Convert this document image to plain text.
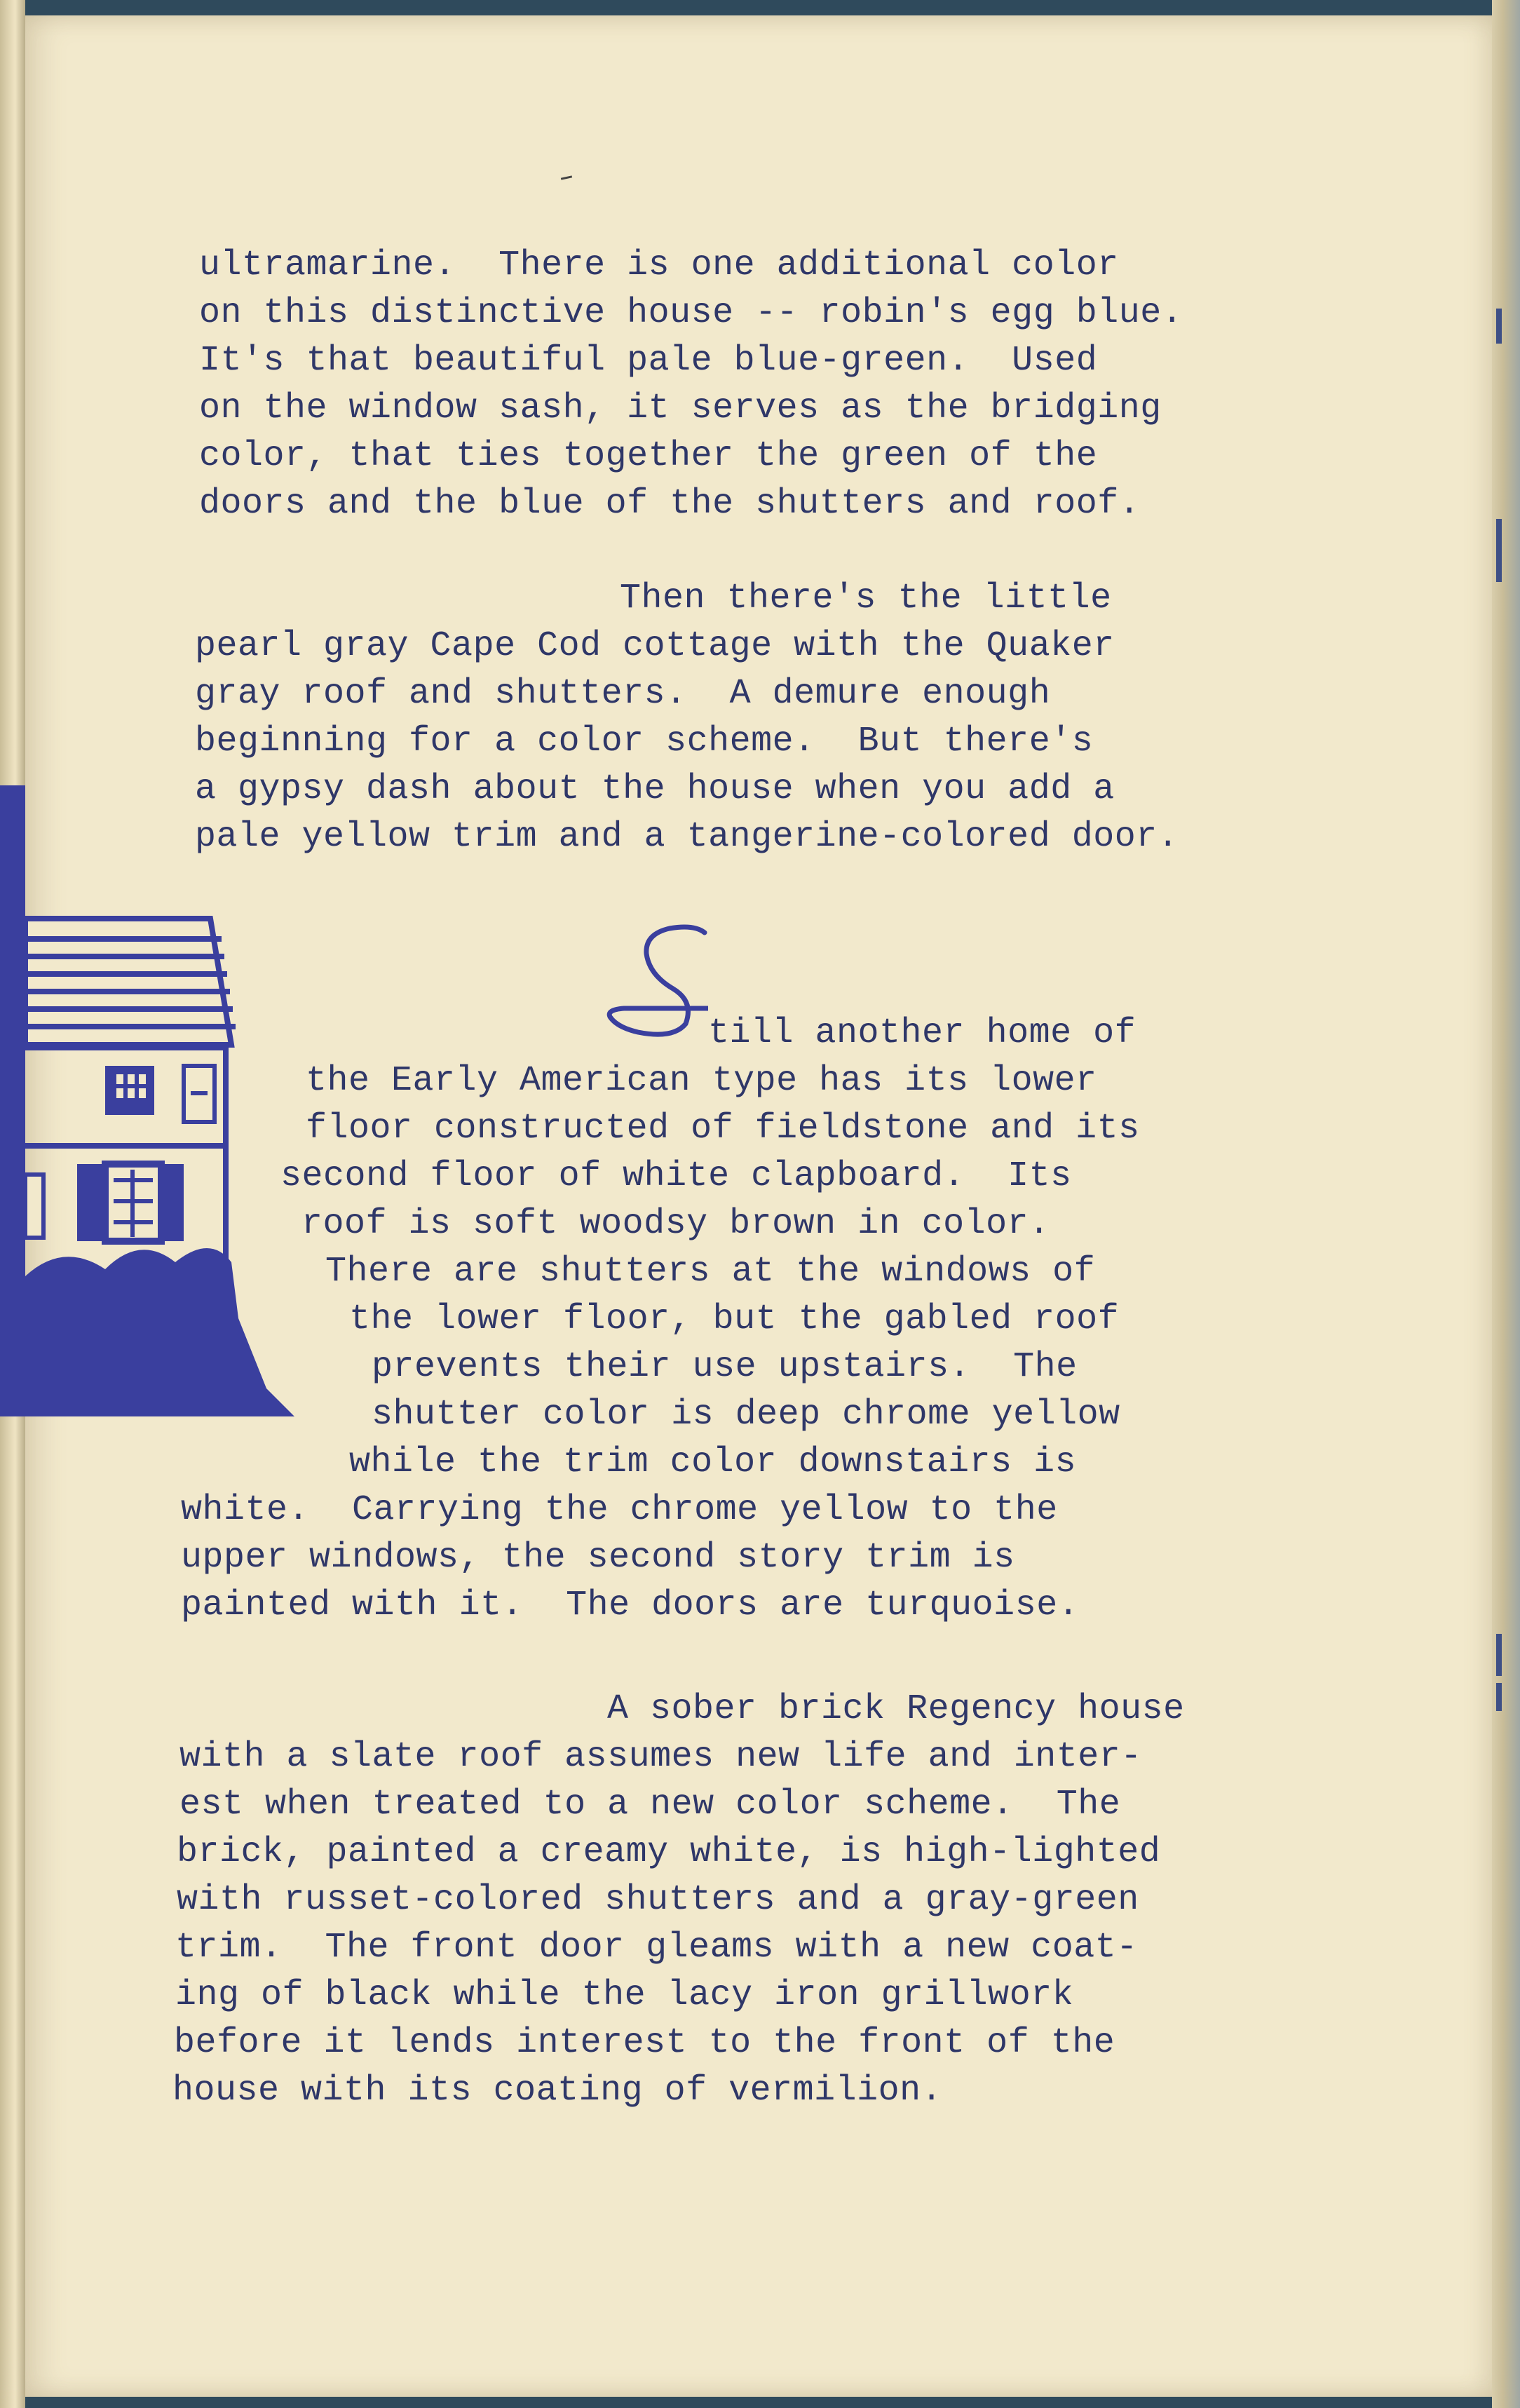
ultramarine.  There is one additional color
on this distinctive house -- robin's egg blue.
It's that beautiful pale blue-green.  Used
on the window sash, it serves as the bridging
color, that ties together the green of the
doors and the blue of the shutters and roof.
Then there's the little
pearl gray Cape Cod cottage with the Quaker
gray roof and shutters.  A demure enough
beginning for a color scheme.  But there's
a gypsy dash about the house when you add a
pale yellow trim and a tangerine-colored door.
till another home of
the Early American type has its lower
floor constructed of fieldstone and its
second floor of white clapboard.  Its
roof is soft woodsy brown in color.
There are shutters at the windows of
the lower floor, but the gabled roof
prevents their use upstairs.  The
shutter color is deep chrome yellow
while the trim color downstairs is
white.  Carrying the chrome yellow to the
upper windows, the second story trim is
painted with it.  The doors are turquoise.
A sober brick Regency house
with a slate roof assumes new life and inter-
est when treated to a new color scheme.  The
brick, painted a creamy white, is high-lighted
with russet-colored shutters and a gray-green
trim.  The front door gleams with a new coat-
ing of black while the lacy iron grillwork
before it lends interest to the front of the
house with its coating of vermilion.
